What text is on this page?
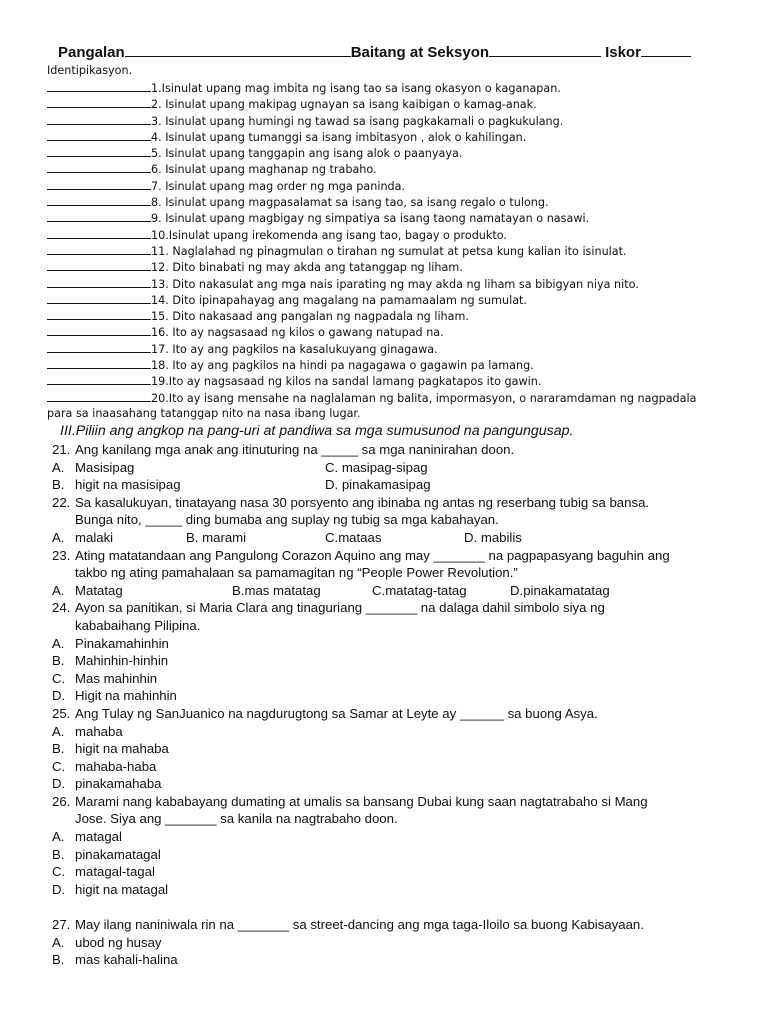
Pangalan	Baitang at Seksyon	Iskor
Identipikasyon.
1.Isinulat upang mag imbita ng isang tao sa isang okasyon o kaganapan.
2. Isinulat upang makipag ugnayan sa isang kaibigan o kamag-anak.
3. Isinulat upang humingi ng tawad sa isang pagkakamali o pagkukulang.
4. Isinulat upang tumanggi sa isang imbitasyon , alok o kahilingan.
5. Isinulat upang tanggapin ang isang alok o paanyaya.
6. Isinulat upang maghanap ng trabaho.
7. Isinulat upang mag order ng mga paninda.
8. Isinulat upang magpasalamat sa isang tao, sa isang regalo o tulong.
9. Isinulat upang magbigay ng simpatiya sa isang taong namatayan o nasawi.
10.Isinulat upang irekomenda ang isang tao, bagay o produkto.
11. Naglalahad ng pinagmulan o tirahan ng sumulat at petsa kung kalian ito isinulat.
12. Dito binabati ng may akda ang tatanggap ng liham.
13. Dito nakasulat ang mga nais iparating ng may akda ng liham sa bibigyan niya nito.
14. Dito ipinapahayag ang magalang na pamamaalam ng sumulat.
15. Dito nakasaad ang pangalan ng nagpadala ng liham.
16. Ito ay nagsasaad ng kilos o gawang natupad na.
17. Ito ay ang pagkilos na kasalukuyang ginagawa.
18. Ito ay ang pagkilos na hindi pa nagagawa o gagawin pa lamang.
19.Ito ay nagsasaad ng kilos na sandal lamang pagkatapos ito gawin.
20.Ito ay isang mensahe na naglalaman ng balita, impormasyon, o nararamdaman ng nagpadala
para sa inaasahang tatanggap nito na nasa ibang lugar.
III.Piliin ang angkop na pang-uri at pandiwa sa mga sumusunod na pangungusap.
21. Ang kanilang mga anak ang itinuturing na _____ sa mga naninirahan doon.
A. Masisipag	C. masipag-sipag
B. higit na masisipag	D. pinakamasipag
22. Sa kasalukuyan, tinatayang nasa 30 porsyento ang ibinaba ng antas ng reserbang tubig sa bansa.
Bunga nito, _____ ding bumaba ang suplay ng tubig sa mga kabahayan.
A. malaki	B. marami	C.mataas	D. mabilis
23. Ating matatandaan ang Pangulong Corazon Aquino ang may _______ na pagpapasyang baguhin ang
takbo ng ating pamahalaan sa pamamagitan ng “People Power Revolution.”
A. Matatag	B.mas matatag	C.matatag-tatag	D.pinakamatatag
24. Ayon sa panitikan, si Maria Clara ang tinaguriang _______ na dalaga dahil simbolo siya ng
kababaihang Pilipina.
A. Pinakamahinhin
B. Mahinhin-hinhin
C. Mas mahinhin
D. Higit na mahinhin
25. Ang Tulay ng SanJuanico na nagdurugtong sa Samar at Leyte ay ______ sa buong Asya.
A. mahaba
B. higit na mahaba
C. mahaba-haba
D. pinakamahaba
26. Marami nang kababayang dumating at umalis sa bansang Dubai kung saan nagtatrabaho si Mang
Jose. Siya ang _______ sa kanila na nagtrabaho doon.
A. matagal
B. pinakamatagal
C. matagal-tagal
D. higit na matagal
27. May ilang naniniwala rin na _______ sa street-dancing ang mga taga-Iloilo sa buong Kabisayaan.
A. ubod ng husay
B. mas kahali-halina
